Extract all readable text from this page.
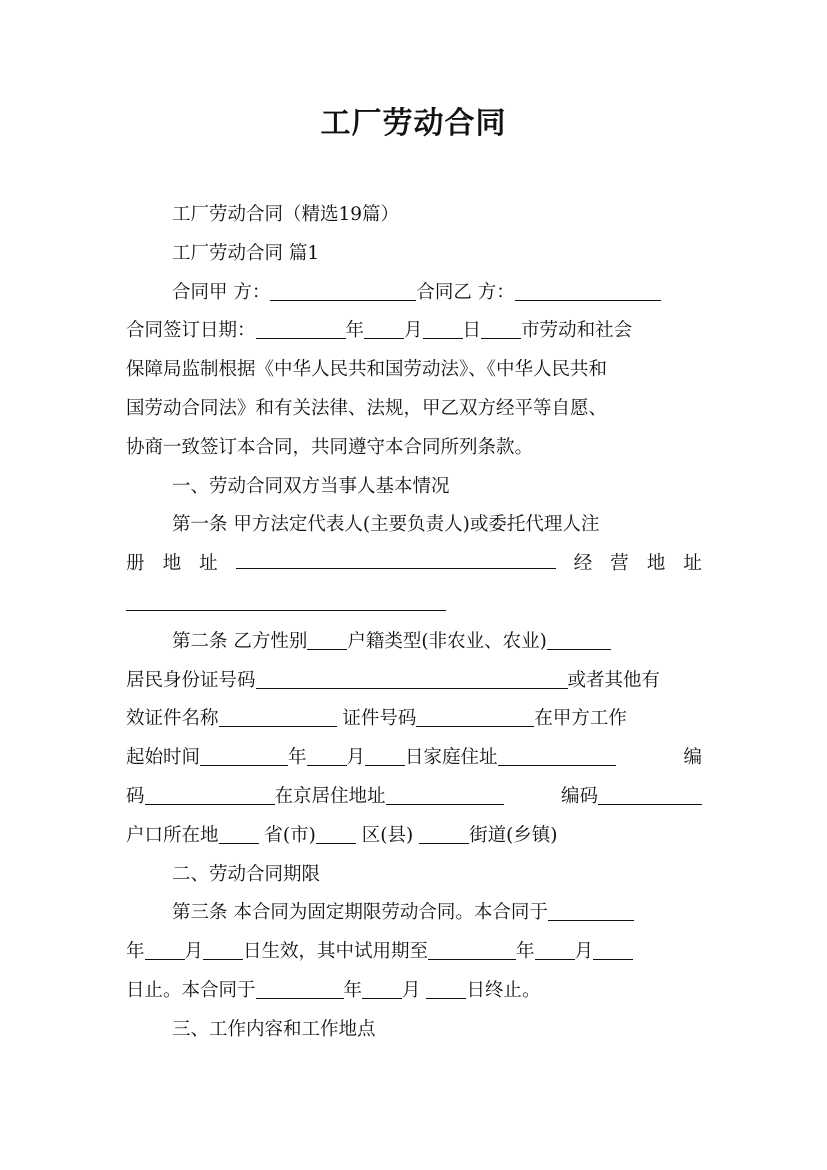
工厂劳动合同
工厂劳动合同（精选19篇）
工厂劳动合同 篇1
合同甲 方：	合同乙 方：
合同签订日期：	年 月 日 市劳动和社会
保障局监制根据《中华人民共和国劳动法》、《中华人民共和
国劳动合同法》和有关法律、法规，甲乙双方经平等自愿、
协商一致签订本合同，共同遵守本合同所列条款。
一、劳动合同双方当事人基本情况
第一条 甲方法定代表人(主要负责人)或委托代理人注
册 地 址	经 营 地 址
第二条 乙方性别 户籍类型(非农业、农业)
居民身份证号码	或者其他有
效证件名称	证件号码	在甲方工作
起始时间	年 月 日家庭住址	编
码	在京居住地址	编码
户口所在地 省(市) 区(县)	街道(乡镇)
二、劳动合同期限
第三条 本合同为固定期限劳动合同。本合同于
年 月 日生效，其中试用期至	年 月
日止。本合同于	年 月 日终止。
三、工作内容和工作地点
